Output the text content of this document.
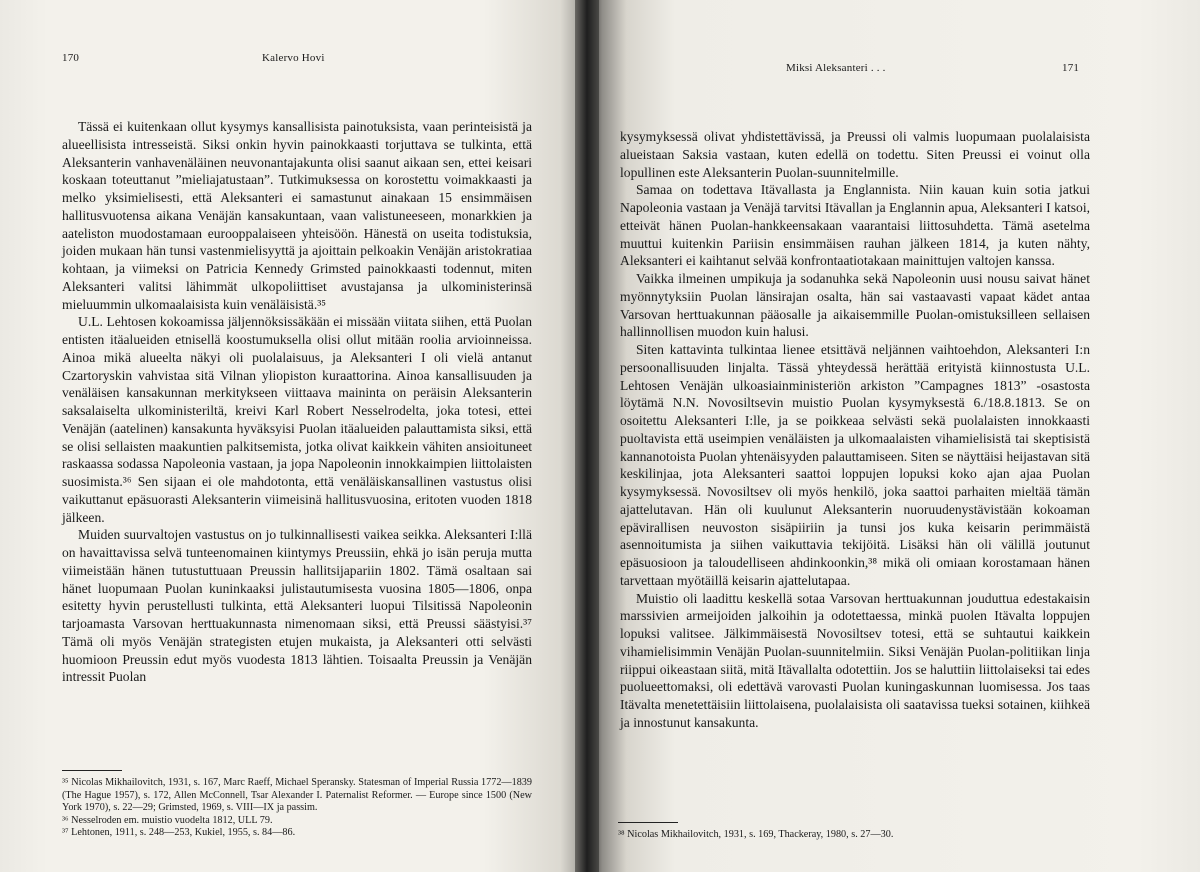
170	Kalervo Hovi

Tässä ei kuitenkaan ollut kysymys kansallisista painotuksista, vaan perinteisistä ja alueellisista intresseistä. Siksi onkin hyvin painokkaasti torjuttava se tulkinta, että Aleksanterin vanhavenäläinen neuvonantajakunta olisi saanut aikaan sen, ettei keisari koskaan toteuttanut ”mieliajatustaan”. Tutkimuksessa on korostettu voimakkaasti ja melko yksimielisesti, että Aleksanteri ei samastunut ainakaan 15 ensimmäisen hallitusvuotensa aikana Venäjän kansakuntaan, vaan valistuneeseen, monarkkien ja aateliston muodostamaan eurooppalaiseen yhteisöön. Hänestä on useita todistuksia, joiden mukaan hän tunsi vastenmielisyyttä ja ajoittain pelkoakin Venäjän aristokratiaa kohtaan, ja viimeksi on Patricia Kennedy Grimsted painokkaasti todennut, miten Aleksanteri valitsi lähimmät ulkopoliittiset avustajansa ja ulkoministerinsä mieluummin ulkomaalaisista kuin venäläisistä.³⁵

U.L. Lehtosen kokoamissa jäljennöksissäkään ei missään viitata siihen, että Puolan entisten itäalueiden etnisellä koostumuksella olisi ollut mitään roolia arvioinneissa. Ainoa mikä alueelta näkyi oli puolalaisuus, ja Aleksanteri I oli vielä antanut Czartoryskin vahvistaa sitä Vilnan yliopiston kuraattorina. Ainoa kansallisuuden ja venäläisen kansakunnan merkitykseen viittaava maininta on peräisin Aleksanterin saksalaiselta ulkoministeriltä, kreivi Karl Robert Nesselrodelta, joka totesi, ettei Venäjän (aatelinen) kansakunta hyväksyisi Puolan itäalueiden palauttamista siksi, että se olisi sellaisten maakuntien palkitsemista, jotka olivat kaikkein vähiten ansioituneet raskaassa sodassa Napoleonia vastaan, ja jopa Napoleonin innokkaimpien liittolaisten suosimista.³⁶ Sen sijaan ei ole mahdotonta, että venäläiskansallinen vastustus olisi vaikuttanut epäsuorasti Aleksanterin viimeisinä hallitusvuosina, eritoten vuoden 1818 jälkeen.

Muiden suurvaltojen vastustus on jo tulkinnallisesti vaikea seikka. Aleksanteri I:llä on havaittavissa selvä tunteenomainen kiintymys Preussiin, ehkä jo isän peruja mutta viimeistään hänen tutustuttuaan Preussin hallitsijapariin 1802. Tämä osaltaan sai hänet luopumaan Puolan kuninkaaksi julistautumisesta vuosina 1805—1806, onpa esitetty hyvin perustellusti tulkinta, että Aleksanteri luopui Tilsitissä Napoleonin tarjoamasta Varsovan herttuakunnasta nimenomaan siksi, että Preussi säästyisi.³⁷ Tämä oli myös Venäjän strategisten etujen mukaista, ja Aleksanteri otti selvästi huomioon Preussin edut myös vuodesta 1813 lähtien. Toisaalta Preussin ja Venäjän intressit Puolan

³⁵ Nicolas Mikhailovitch, 1931, s. 167, Marc Raeff, Michael Speransky. Statesman of Imperial Russia 1772—1839 (The Hague 1957), s. 172, Allen McConnell, Tsar Alexander I. Paternalist Reformer. — Europe since 1500 (New York 1970), s. 22—29; Grimsted, 1969, s. VIII—IX ja passim.

³⁶ Nesselroden em. muistio vuodelta 1812, ULL 79.

³⁷ Lehtonen, 1911, s. 248—253, Kukiel, 1955, s. 84—86.

Miksi Aleksanteri . . .	171

kysymyksessä olivat yhdistettävissä, ja Preussi oli valmis luopumaan puolalaisista alueistaan Saksia vastaan, kuten edellä on todettu. Siten Preussi ei voinut olla lopullinen este Aleksanterin Puolan-suunnitelmille.

Samaa on todettava Itävallasta ja Englannista. Niin kauan kuin sotia jatkui Napoleonia vastaan ja Venäjä tarvitsi Itävallan ja Englannin apua, Aleksanteri I katsoi, etteivät hänen Puolan-hankkeensakaan vaarantaisi liittosuhdetta. Tämä asetelma muuttui kuitenkin Pariisin ensimmäisen rauhan jälkeen 1814, ja kuten nähty, Aleksanteri ei kaihtanut selvää konfrontaatiotakaan mainittujen valtojen kanssa.

Vaikka ilmeinen umpikuja ja sodanuhka sekä Napoleonin uusi nousu saivat hänet myönnytyksiin Puolan länsirajan osalta, hän sai vastaavasti vapaat kädet antaa Varsovan herttuakunnan pääosalle ja aikaisemmille Puolan-omistuksilleen sellaisen hallinnollisen muodon kuin halusi.

Siten kattavinta tulkintaa lienee etsittävä neljännen vaihtoehdon, Aleksanteri I:n persoonallisuuden linjalta. Tässä yhteydessä herättää erityistä kiinnostusta U.L. Lehtosen Venäjän ulkoasiainministeriön arkiston ”Campagnes 1813” -osastosta löytämä N.N. Novosiltsevin muistio Puolan kysymyksestä 6./18.8.1813. Se on osoitettu Aleksanteri I:lle, ja se poikkeaa selvästi sekä puolalaisten innokkaasti puoltavista että useimpien venäläisten ja ulkomaalaisten vihamielisistä tai skeptisistä kannanotoista Puolan yhtenäisyyden palauttamiseen. Siten se näyttäisi heijastavan sitä keskilinjaa, jota Aleksanteri saattoi loppujen lopuksi koko ajan ajaa Puolan kysymyksessä. Novosiltsev oli myös henkilö, joka saattoi parhaiten mieltää tämän ajattelutavan. Hän oli kuulunut Aleksanterin nuoruudenystävistään kokoaman epävirallisen neuvoston sisäpiiriin ja tunsi jos kuka keisarin perimmäistä asennoitumista ja siihen vaikuttavia tekijöitä. Lisäksi hän oli välillä joutunut epäsuosioon ja taloudelliseen ahdinkoonkin,³⁸ mikä oli omiaan korostamaan hänen tarvettaan myötäillä keisarin ajattelutapaa.

Muistio oli laadittu keskellä sotaa Varsovan herttuakunnan jouduttua edestakaisin marssivien armeijoiden jalkoihin ja odotettaessa, minkä puolen Itävalta loppujen lopuksi valitsee. Jälkimmäisestä Novosiltsev totesi, että se suhtautui kaikkein vihamielisimmin Venäjän Puolan-suunnitelmiin. Siksi Venäjän Puolan-politiikan linja riippui oikeastaan siitä, mitä Itävallalta odotettiin. Jos se haluttiin liittolaiseksi tai edes puolueettomaksi, oli edettävä varovasti Puolan kuningaskunnan luomisessa. Jos taas Itävalta menetettäisiin liittolaisena, puolalaisista oli saatavissa tueksi sotainen, kiihkeä ja innostunut kansakunta.

³⁸ Nicolas Mikhailovitch, 1931, s. 169, Thackeray, 1980, s. 27—30.
